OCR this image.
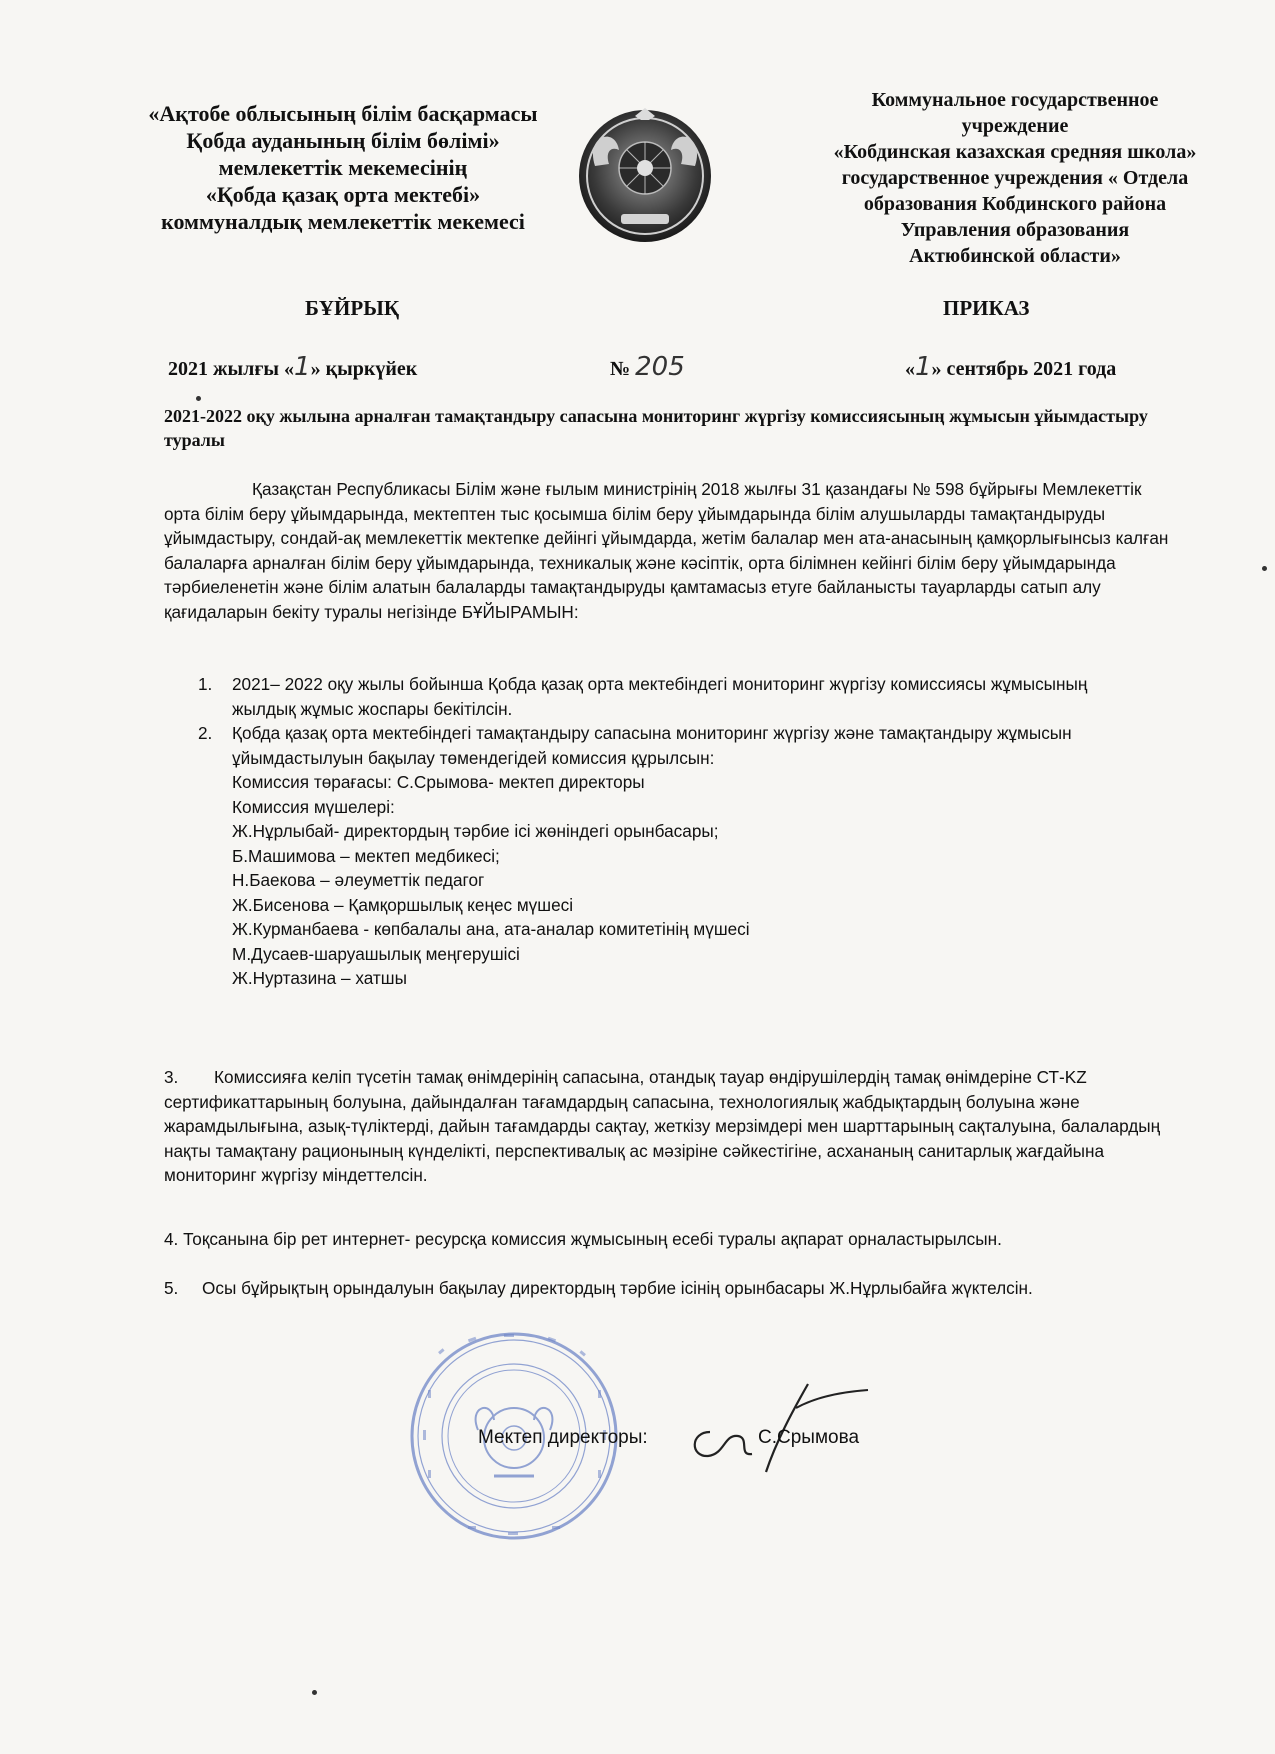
«Ақтобе облысының білім басқармасы
Қобда ауданының білім бөлімі»
мемлекеттік мекемесінің
«Қобда қазақ орта мектебі»
коммуналдық мемлекеттік мекемесі
Коммунальное государственное
учреждение
«Кобдинская казахская средняя школа»
государственное учреждения « Отдела
образования Кобдинского района
Управления образования
Актюбинской области»
БҰЙРЫҚ	ПРИКАЗ
2021 жылғы «1» қыркүйек	№ 205	«1» сентябрь 2021 года
2021-2022 оқу жылына арналған тамақтандыру сапасына мониторинг жүргізу комиссиясының жұмысын ұйымдастыру туралы
Қазақстан Республикасы Білім және ғылым министрінің 2018 жылғы 31 қазандағы № 598 бұйрығы Мемлекеттік орта білім беру ұйымдарында, мектептен тыс қосымша білім беру ұйымдарында білім алушыларды тамақтандыруды ұйымдастыру, сондай-ақ мемлекеттік мектепке дейінгі ұйымдарда, жетім балалар мен ата-анасының қамқорлығынсыз калған балаларға арналған білім беру ұйымдарында, техникалық және кәсіптік, орта білімнен кейінгі білім беру ұйымдарында тәрбиеленетін және білім алатын балаларды тамақтандыруды қамтамасыз етуге байланысты тауарларды сатып алу қағидаларын бекіту туралы негізінде БҰЙЫРАМЫН:
1. 2021– 2022 оқу жылы бойынша Қобда қазақ орта мектебіндегі мониторинг жүргізу комиссиясы жұмысының жылдық жұмыс жоспары бекітілсін.
2. Қобда қазақ орта мектебіндегі тамақтандыру сапасына мониторинг жүргізу және тамақтандыру жұмысын ұйымдастылуын бақылау төмендегідей комиссия құрылсын:
Комиссия төрағасы: С.Срымова- мектеп директоры
Комиссия мүшелері:
Ж.Нұрлыбай- директордың тәрбие ісі жөніндегі орынбасары;
Б.Машимова – мектеп медбикесі;
Н.Баекова – әлеуметтік педагог
Ж.Бисенова – Қамқоршылық кеңес мүшесі
Ж.Курманбаева - көпбалалы ана, ата-аналар комитетінің мүшесі
М.Дусаев-шаруашылық меңгерушісі
Ж.Нуртазина – хатшы
3. Комиссияға келіп түсетін тамақ өнімдерінің сапасына, отандық тауар өндірушілердің тамақ өнімдеріне СТ-KZ сертификаттарының болуына, дайындалған тағамдардың сапасына, технологиялық жабдықтардың болуына және жарамдылығына, азық-түліктерді, дайын тағамдарды сақтау, жеткізу мерзімдері мен шарттарының сақталуына, балалардың нақты тамақтану рационының күнделікті, перспективалық ас мәзіріне сәйкестігіне, асхананың санитарлық жағдайына мониторинг жүргізу міндеттелсін.
4. Тоқсанына бір рет интернет- ресурсқа комиссия жұмысының есебі туралы ақпарат орналастырылсын.
5. Осы бұйрықтың орындалуын бақылау директордың тәрбие ісінің орынбасары Ж.Нұрлыбайға жүктелсін.
Мектеп директоры:	С.Срымова
